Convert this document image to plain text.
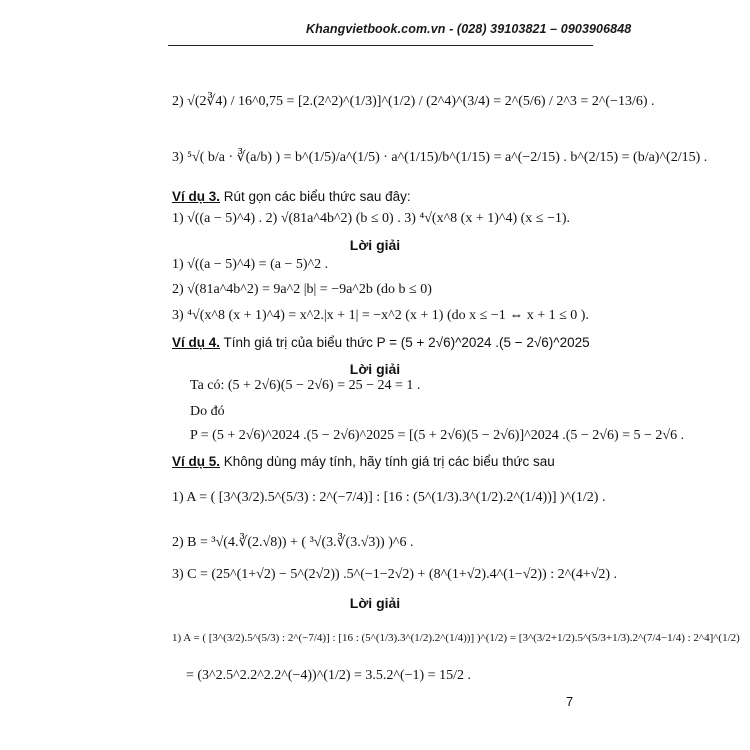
Khangvietbook.com.vn - (028) 39103821 – 0903906848
2) √(2∛4) / 16^0,75 = [2.(2^2)^(1/3)]^(1/2) / (2^4)^(3/4) = 2^(5/6) / 2^3 = 2^(−13/6) .
3) ⁵√( b/a · ∛(a/b) ) = b^(1/5)/a^(1/5) · a^(1/15)/b^(1/15) = a^(−2/15) . b^(2/15) = (b/a)^(2/15) .
Ví dụ 3. Rút gọn các biểu thức sau đây:
1) √((a − 5)^4) . 2) √(81a^4b^2) (b ≤ 0) . 3) ⁴√(x^8 (x + 1)^4) (x ≤ −1).
Lời giải
1) √((a − 5)^4) = (a − 5)^2 .
2) √(81a^4b^2) = 9a^2 |b| = −9a^2b (do b ≤ 0)
3) ⁴√(x^8 (x + 1)^4) = x^2.|x + 1| = −x^2 (x + 1) (do x ≤ −1 ⇔ x + 1 ≤ 0 ).
Ví dụ 4. Tính giá trị của biểu thức P = (5 + 2√6)^2024 .(5 − 2√6)^2025
Lời giải
Ta có: (5 + 2√6)(5 − 2√6) = 25 − 24 = 1 .
Do đó
P = (5 + 2√6)^2024 .(5 − 2√6)^2025 = [(5 + 2√6)(5 − 2√6)]^2024 .(5 − 2√6) = 5 − 2√6 .
Ví dụ 5. Không dùng máy tính, hãy tính giá trị các biểu thức sau
1) A = ( [3^(3/2).5^(5/3) : 2^(−7/4)] : [16 : (5^(1/3).3^(1/2).2^(1/4))] )^(1/2) .
2) B = ³√(4.∛(2.√8)) + ( ³√(3.∛(3.√3)) )^6 .
3) C = (25^(1+√2) − 5^(2√2)) .5^(−1−2√2) + (8^(1+√2).4^(1−√2)) : 2^(4+√2) .
Lời giải
1) A = ( [3^(3/2).5^(5/3) : 2^(−7/4)] : [16 : (5^(1/3).3^(1/2).2^(1/4))] )^(1/2) = [3^(3/2+1/2).5^(5/3+1/3).2^(7/4−1/4) : 2^4]^(1/2)
= (3^2.5^2.2^2.2^(−4))^(1/2) = 3.5.2^(−1) = 15/2 .
7
